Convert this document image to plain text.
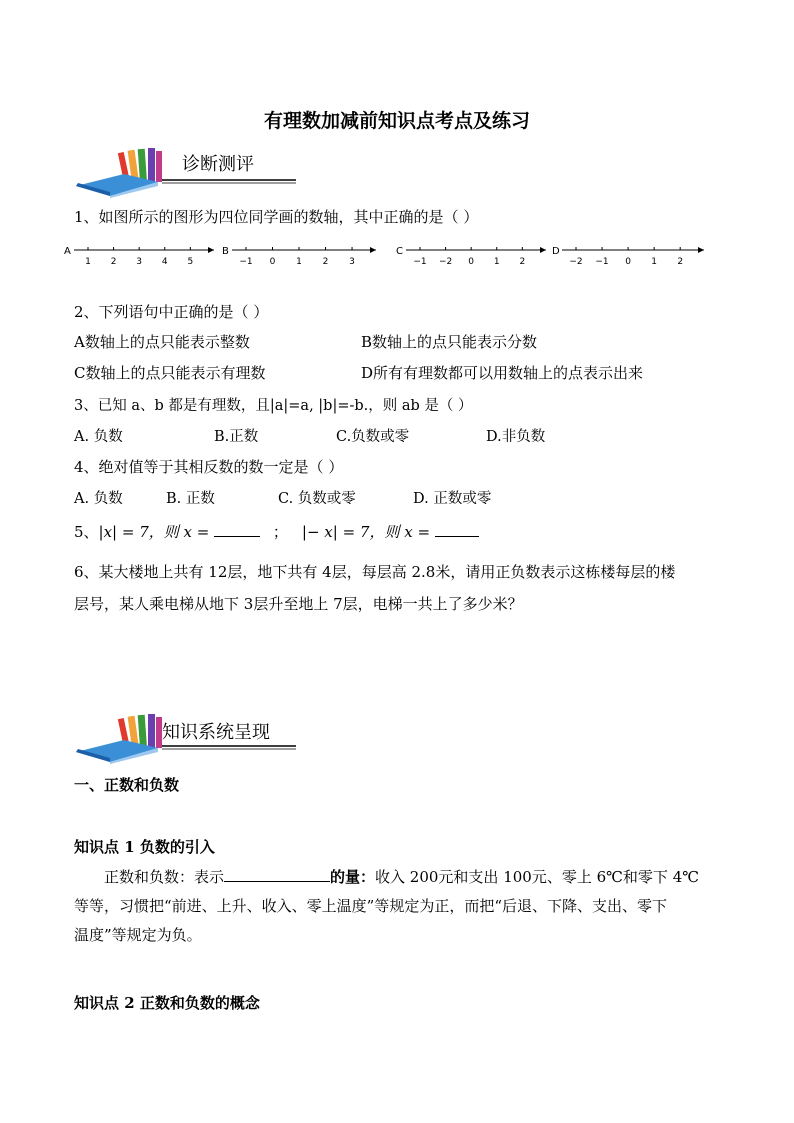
有理数加减前知识点考点及练习
诊断测评
1、如图所示的图形为四位同学画的数轴，其中正确的是（ ）
A
1 2 3 4 5
B
−1 0 1 2 3
C
−1 −2 0 1 2
D
−2 −1 0 1 2
2、下列语句中正确的是（ ）
A数轴上的点只能表示整数	B数轴上的点只能表示分数
C数轴上的点只能表示有理数	D所有有理数都可以用数轴上的点表示出来
3、已知 a、b 都是有理数，且|a|=a, |b|=-b.，则 ab 是（ ）
A. 负数	B.正数	C.负数或零	D.非负数
4、绝对值等于其相反数的数一定是（ ）
A. 负数	B. 正数	C. 负数或零	D. 正数或零
5、|x| = 7，则 x =	； |− x| = 7，则 x =
6、某大楼地上共有 12层，地下共有 4层，每层高 2.8米，请用正负数表示这栋楼每层的楼
层号，某人乘电梯从地下 3层升至地上 7层，电梯一共上了多少米？
知识系统呈现
一、正数和负数
知识点 1 负数的引入
正数和负数：表示	的量：收入 200元和支出 100元、零上 6℃和零下 4℃
等等，习惯把“前进、上升、收入、零上温度”等规定为正，而把“后退、下降、支出、零下
温度”等规定为负。
知识点 2 正数和负数的概念
